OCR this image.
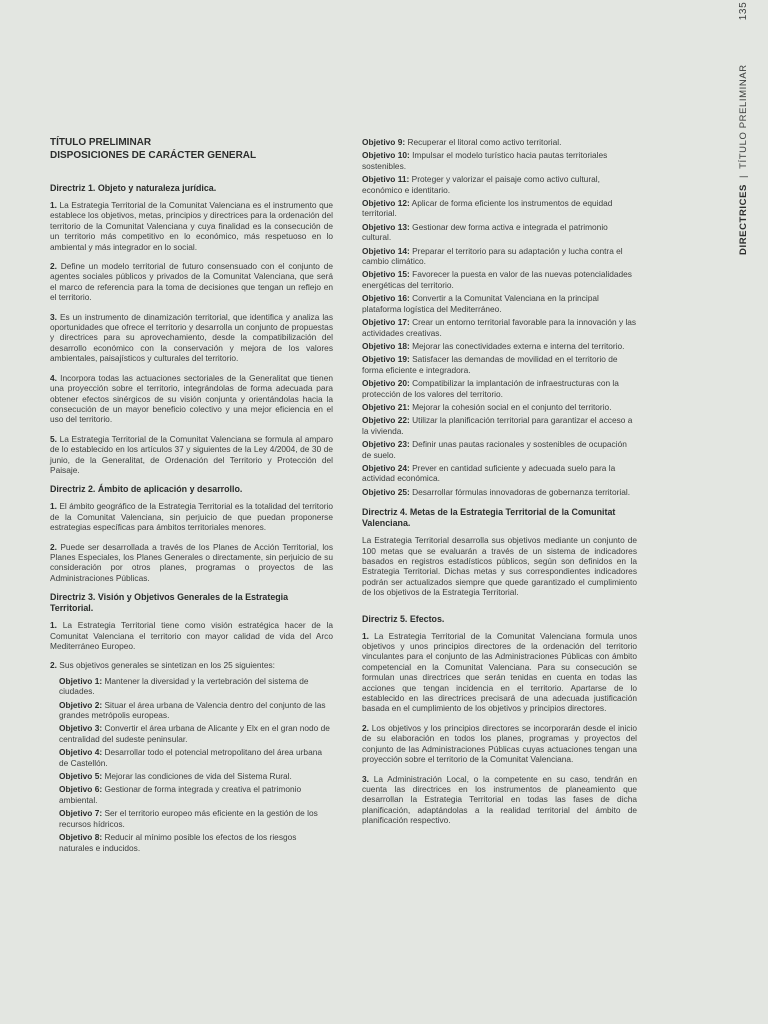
DIRECTRICES|TÍTULO PRELIMINAR135
TÍTULO PRELIMINAR
DISPOSICIONES DE CARÁCTER GENERAL
Directriz 1. Objeto y naturaleza jurídica.

1. La Estrategia Territorial de la Comunitat Valenciana es el instrumento que establece los objetivos, metas, principios y directrices para la ordenación del territorio de la Comunitat Valenciana y cuya finalidad es la consecución de un territorio más competitivo en lo económico, más respetuoso en lo ambiental y más integrador en lo social.

2. Define un modelo territorial de futuro consensuado con el conjunto de agentes sociales públicos y privados de la Comunitat Valenciana, que será el marco de referencia para la toma de decisiones que tengan un reflejo en el territorio.

3. Es un instrumento de dinamización territorial, que identifica y analiza las oportunidades que ofrece el territorio y desarrolla un conjunto de propuestas y directrices para su aprovechamiento, desde la compatibilización del desarrollo económico con la conservación y mejora de los valores ambientales, paisajísticos y culturales del territorio.

4. Incorpora todas las actuaciones sectoriales de la Generalitat que tienen una proyección sobre el territorio, integrándolas de forma adecuada para obtener efectos sinérgicos de su visión conjunta y orientándolas hacia la consecución de un mayor beneficio colectivo y una mejor eficiencia en el uso del territorio.

5. La Estrategia Territorial de la Comunitat Valenciana se formula al amparo de lo establecido en los artículos 37 y siguientes de la Ley 4/2004, de 30 de junio, de la Generalitat, de Ordenación del Territorio y Protección del Paisaje.

Directriz 2. Ámbito de aplicación y desarrollo.

1. El ámbito geográfico de la Estrategia Territorial es la totalidad del territorio de la Comunitat Valenciana, sin perjuicio de que puedan proponerse estrategias específicas para ámbitos territoriales menores.

2. Puede ser desarrollada a través de los Planes de Acción Territorial, los Planes Especiales, los Planes Generales o directamente, sin perjuicio de su consideración por otros planes, programas o proyectos de las Administraciones Públicas.

Directriz 3. Visión y Objetivos Generales de la Estrategia Territorial.

1. La Estrategia Territorial tiene como visión estratégica hacer de la Comunitat Valenciana el territorio con mayor calidad de vida del Arco Mediterráneo Europeo.

2. Sus objetivos generales se sintetizan en los 25 siguientes:

Objetivo 1: Mantener la diversidad y la vertebración del sistema de ciudades.
Objetivo 2: Situar el área urbana de Valencia dentro del conjunto de las grandes metrópolis europeas.
Objetivo 3: Convertir el área urbana de Alicante y Elx en el gran nodo de centralidad del sudeste peninsular.
Objetivo 4: Desarrollar todo el potencial metropolitano del área urbana de Castellón.
Objetivo 5: Mejorar las condiciones de vida del Sistema Rural.
Objetivo 6: Gestionar de forma integrada y creativa el patrimonio ambiental.
Objetivo 7: Ser el territorio europeo más eficiente en la gestión de los recursos hídricos.
Objetivo 8: Reducir al mínimo posible los efectos de los riesgos naturales e inducidos.
Objetivo 9: Recuperar el litoral como activo territorial.
Objetivo 10: Impulsar el modelo turístico hacia pautas territoriales sostenibles.
Objetivo 11: Proteger y valorizar el paisaje como activo cultural, económico e identitario.
Objetivo 12: Aplicar de forma eficiente los instrumentos de equidad territorial.
Objetivo 13: Gestionar dew forma activa e integrada el patrimonio cultural.
Objetivo 14: Preparar el territorio para su adaptación y lucha contra el cambio climático.
Objetivo 15: Favorecer la puesta en valor de las nuevas potencialidades energéticas del territorio.
Objetivo 16: Convertir a la Comunitat Valenciana en la principal plataforma logística del Mediterráneo.
Objetivo 17: Crear un entorno territorial favorable para la innovación y las actividades creativas.
Objetivo 18: Mejorar las conectividades externa e interna del territorio.
Objetivo 19: Satisfacer las demandas de movilidad en el territorio de forma eficiente e integradora.
Objetivo 20: Compatibilizar la implantación de infraestructuras con la protección de los valores del territorio.
Objetivo 21: Mejorar la cohesión social en el conjunto del territorio.
Objetivo 22: Utilizar la planificación territorial para garantizar el acceso a la vivienda.
Objetivo 23: Definir unas pautas racionales y sostenibles de ocupación de suelo.
Objetivo 24: Prever en cantidad suficiente y adecuada suelo para la actividad económica.
Objetivo 25: Desarrollar fórmulas innovadoras de gobernanza territorial.
Directriz 4. Metas de la Estrategia Territorial de la Comunitat Valenciana.

La Estrategia Territorial desarrolla sus objetivos mediante un conjunto de 100 metas que se evaluarán a través de un sistema de indicadores basados en registros estadísticos públicos, según son definidos en la Estrategia Territorial. Dichas metas y sus correspondientes indicadores podrán ser actualizados siempre que quede garantizado el cumplimiento de los objetivos de la Estrategia Territorial.

Directriz 5. Efectos.

1. La Estrategia Territorial de la Comunitat Valenciana formula unos objetivos y unos principios directores de la ordenación del territorio vinculantes para el conjunto de las Administraciones Públicas con ámbito competencial en la Comunitat Valenciana. Para su consecución se formulan unas directrices que serán tenidas en cuenta en todas las acciones que tengan incidencia en el territorio. Apartarse de lo establecido en las directrices precisará de una adecuada justificación basada en el cumplimiento de los objetivos y principios directores.

2. Los objetivos y los principios directores se incorporarán desde el inicio de su elaboración en todos los planes, programas y proyectos del conjunto de las Administraciones Públicas cuyas actuaciones tengan una proyección sobre el territorio de la Comunitat Valenciana.

3. La Administración Local, o la competente en su caso, tendrán en cuenta las directrices en los instrumentos de planeamiento que desarrollan la Estrategia Territorial en todas las fases de dicha planificación, adaptándolas a la realidad territorial del ámbito de planificación respectivo.
